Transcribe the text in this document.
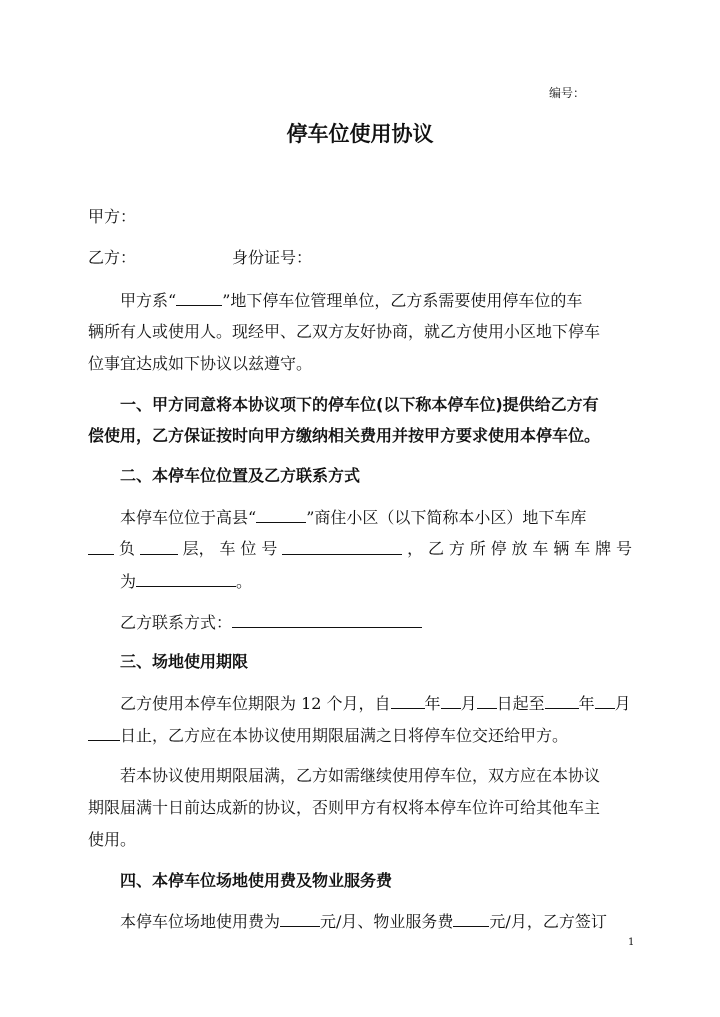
编号：
停车位使用协议
甲方：
乙方：	身份证号：
甲方系“	”地下停车位管理单位，乙方系需要使用停车位的车
辆所有人或使用人。现经甲、乙双方友好协商，就乙方使用小区地下停车
位事宜达成如下协议以兹遵守。
一、甲方同意将本协议项下的停车位(以下称本停车位)提供给乙方有
偿使用，乙方保证按时向甲方缴纳相关费用并按甲方要求使用本停车位。
二、本停车位位置及乙方联系方式
本停车位位于高县“	”商住小区（以下简称本小区）地下车库
负	层， 车 位 号	， 乙 方 所 停 放 车 辆 车 牌 号
为	。
乙方联系方式：
三、场地使用期限
乙方使用本停车位期限为 12 个月，自 年 月 日起至 年 月
日止，乙方应在本协议使用期限届满之日将停车位交还给甲方。
若本协议使用期限届满，乙方如需继续使用停车位，双方应在本协议
期限届满十日前达成新的协议，否则甲方有权将本停车位许可给其他车主
使用。
四、本停车位场地使用费及物业服务费
本停车位场地使用费为	元/月、物业服务费 元/月，乙方签订
1
